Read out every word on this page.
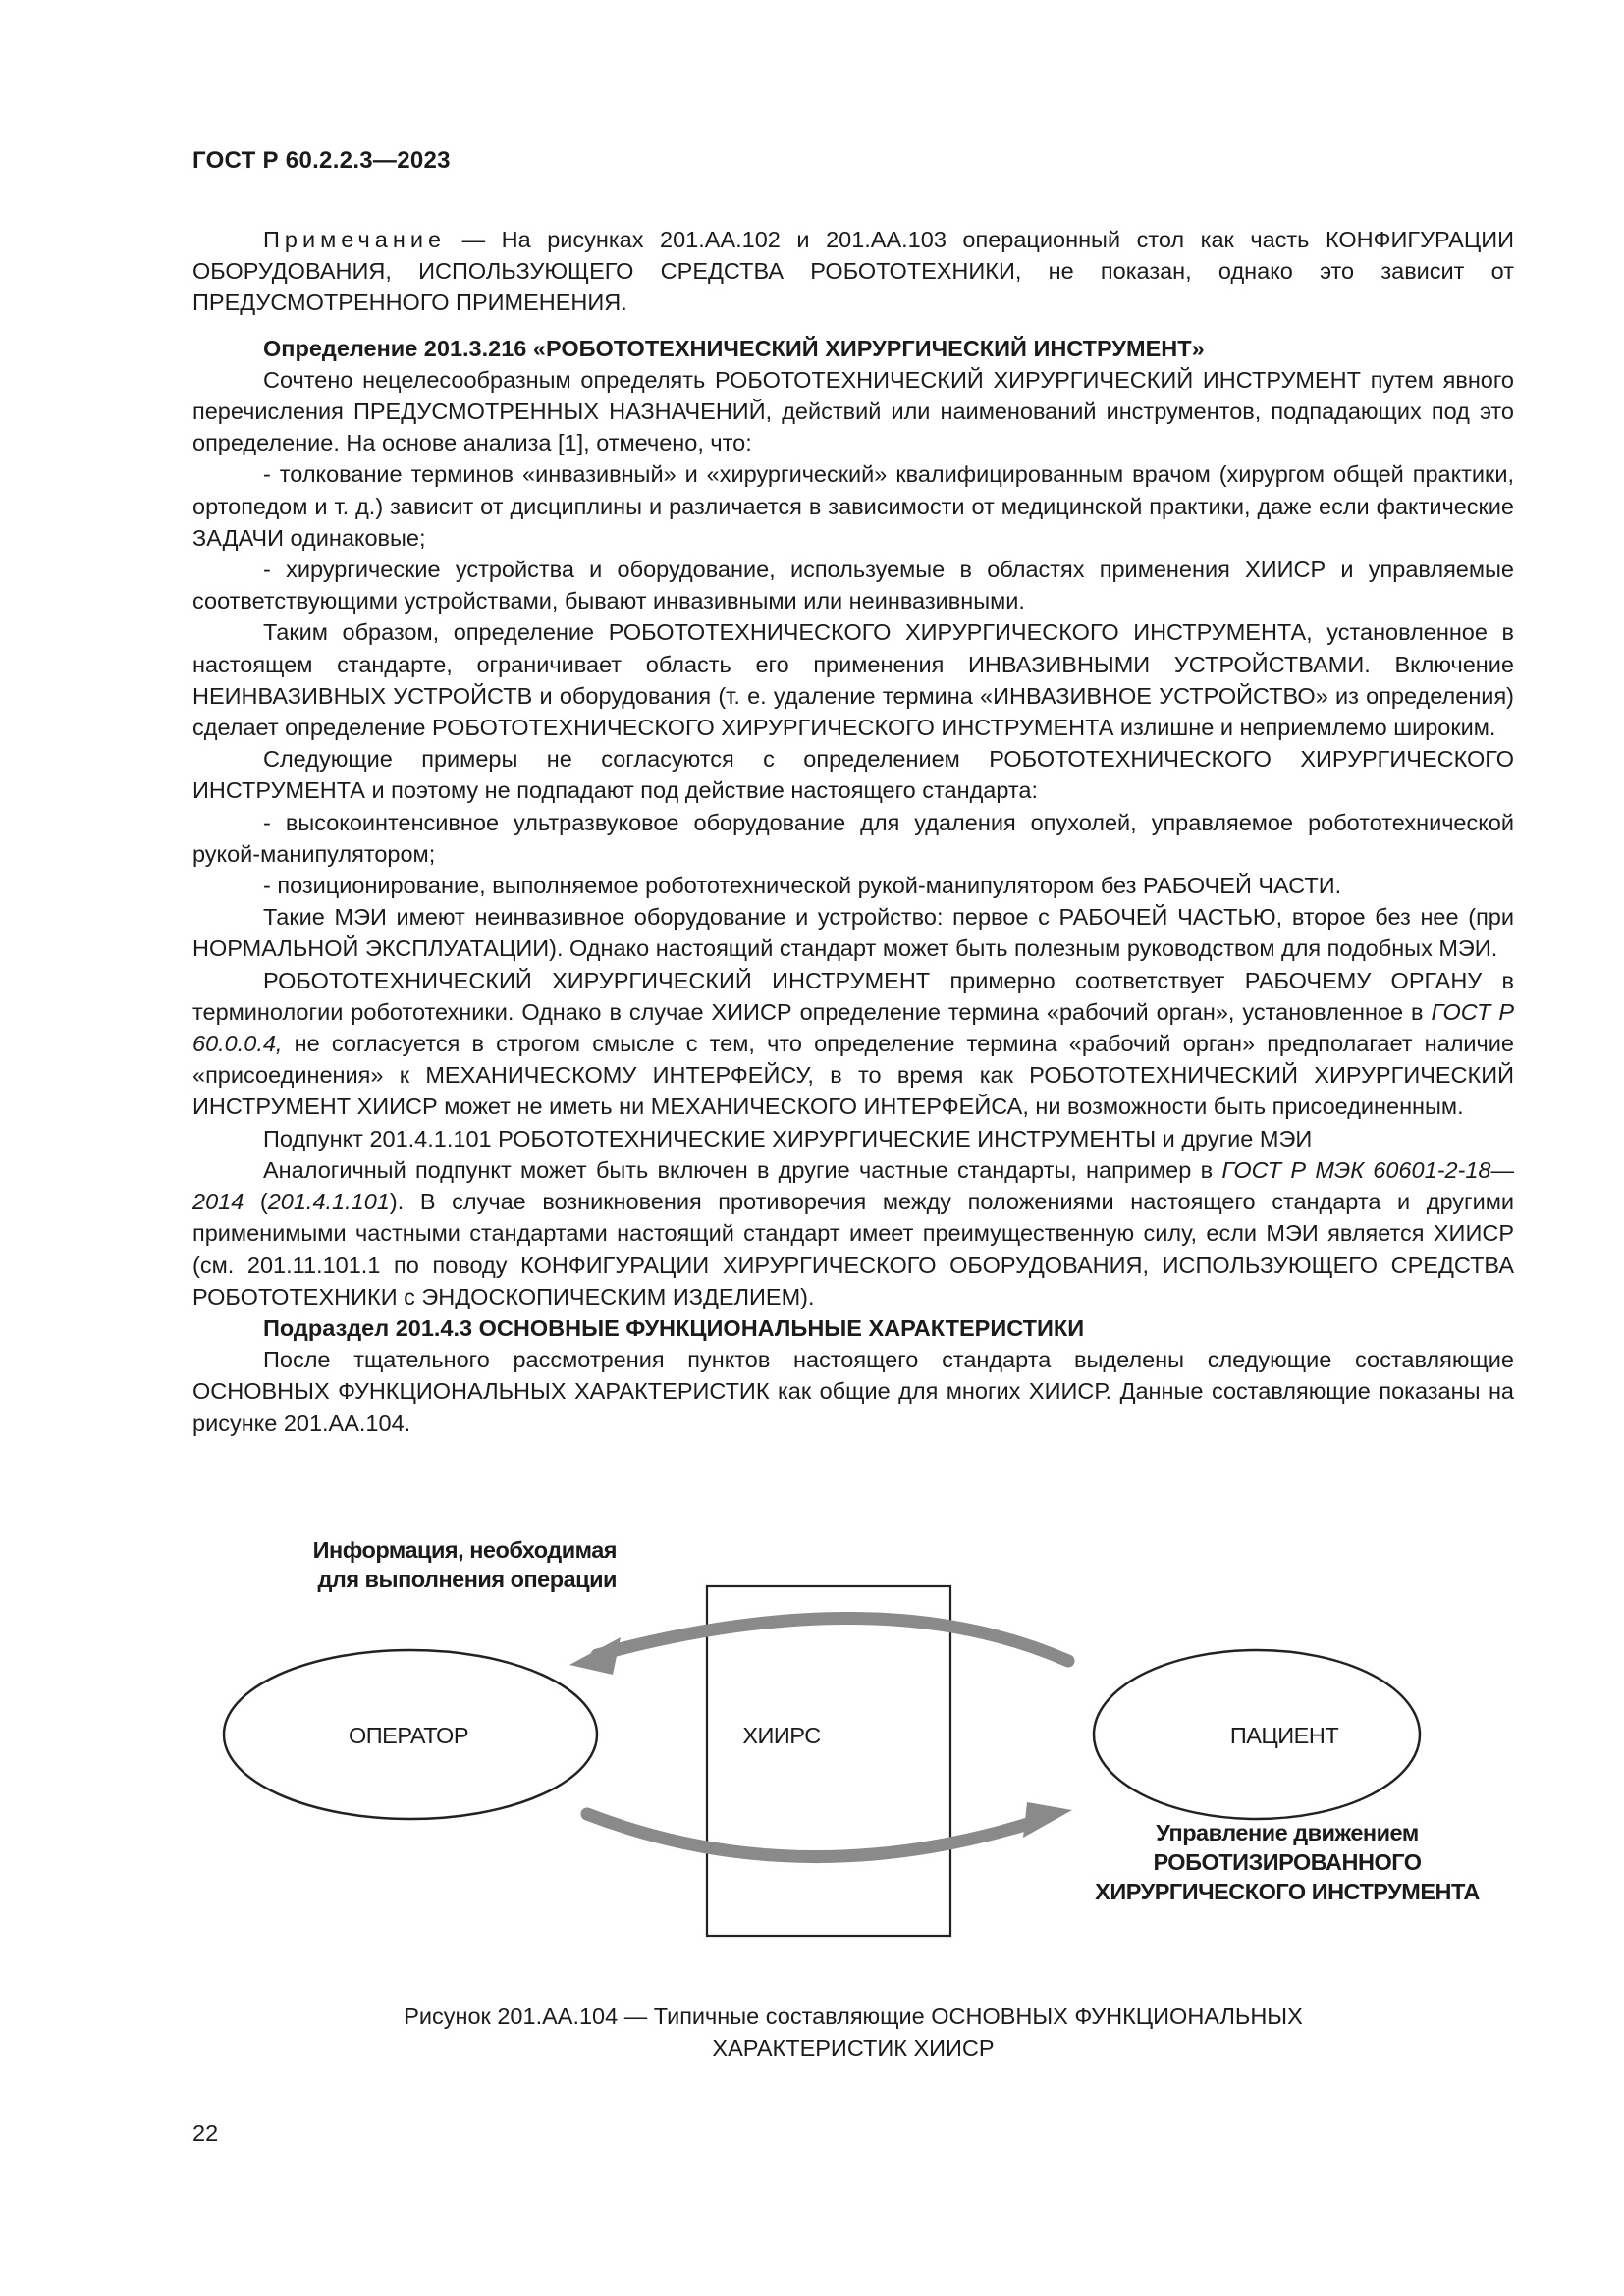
ГОСТ Р 60.2.2.3—2023

Примечание — На рисунках 201.АА.102 и 201.АА.103 операционный стол как часть КОНФИГУРАЦИИ ОБОРУДОВАНИЯ, ИСПОЛЬЗУЮЩЕГО СРЕДСТВА РОБОТОТЕХНИКИ, не показан, однако это зависит от ПРЕДУСМОТРЕННОГО ПРИМЕНЕНИЯ.

Определение 201.3.216 «РОБОТОТЕХНИЧЕСКИЙ ХИРУРГИЧЕСКИЙ ИНСТРУМЕНТ»

Сочтено нецелесообразным определять РОБОТОТЕХНИЧЕСКИЙ ХИРУРГИЧЕСКИЙ ИНСТРУМЕНТ путем явного перечисления ПРЕДУСМОТРЕННЫХ НАЗНАЧЕНИЙ, действий или наименований инструментов, подпадающих под это определение. На основе анализа [1], отмечено, что:

- толкование терминов «инвазивный» и «хирургический» квалифицированным врачом (хирургом общей практики, ортопедом и т. д.) зависит от дисциплины и различается в зависимости от медицинской практики, даже если фактические ЗАДАЧИ одинаковые;

- хирургические устройства и оборудование, используемые в областях применения ХИИСР и управляемые соответствующими устройствами, бывают инвазивными или неинвазивными.

Таким образом, определение РОБОТОТЕХНИЧЕСКОГО ХИРУРГИЧЕСКОГО ИНСТРУМЕНТА, установленное в настоящем стандарте, ограничивает область его применения ИНВАЗИВНЫМИ УСТРОЙСТВАМИ. Включение НЕИНВАЗИВНЫХ УСТРОЙСТВ и оборудования (т. е. удаление термина «ИНВАЗИВНОЕ УСТРОЙСТВО» из определения) сделает определение РОБОТОТЕХНИЧЕСКОГО ХИРУРГИЧЕСКОГО ИНСТРУМЕНТА излишне и неприемлемо широким.

Следующие примеры не согласуются с определением РОБОТОТЕХНИЧЕСКОГО ХИРУРГИЧЕСКОГО ИНСТРУМЕНТА и поэтому не подпадают под действие настоящего стандарта:

- высокоинтенсивное ультразвуковое оборудование для удаления опухолей, управляемое робототехнической рукой-манипулятором;

- позиционирование, выполняемое робототехнической рукой-манипулятором без РАБОЧЕЙ ЧАСТИ.

Такие МЭИ имеют неинвазивное оборудование и устройство: первое с РАБОЧЕЙ ЧАСТЬЮ, второе без нее (при НОРМАЛЬНОЙ ЭКСПЛУАТАЦИИ). Однако настоящий стандарт может быть полезным руководством для подобных МЭИ.

РОБОТОТЕХНИЧЕСКИЙ ХИРУРГИЧЕСКИЙ ИНСТРУМЕНТ примерно соответствует РАБОЧЕМУ ОРГАНУ в терминологии робототехники. Однако в случае ХИИСР определение термина «рабочий орган», установленное в ГОСТ Р 60.0.0.4, не согласуется в строгом смысле с тем, что определение термина «рабочий орган» предполагает наличие «присоединения» к МЕХАНИЧЕСКОМУ ИНТЕРФЕЙСУ, в то время как РОБОТОТЕХНИЧЕСКИЙ ХИРУРГИЧЕСКИЙ ИНСТРУМЕНТ ХИИСР может не иметь ни МЕХАНИЧЕСКОГО ИНТЕРФЕЙСА, ни возможности быть присоединенным.

Подпункт 201.4.1.101 РОБОТОТЕХНИЧЕСКИЕ ХИРУРГИЧЕСКИЕ ИНСТРУМЕНТЫ и другие МЭИ

Аналогичный подпункт может быть включен в другие частные стандарты, например в ГОСТ Р МЭК 60601-2-18—2014 (201.4.1.101). В случае возникновения противоречия между положениями настоящего стандарта и другими применимыми частными стандартами настоящий стандарт имеет преимущественную силу, если МЭИ является ХИИСР (см. 201.11.101.1 по поводу КОНФИГУРАЦИИ ХИРУРГИЧЕСКОГО ОБОРУДОВАНИЯ, ИСПОЛЬЗУЮЩЕГО СРЕДСТВА РОБОТОТЕХНИКИ с ЭНДОСКОПИЧЕСКИМ ИЗДЕЛИЕМ).

Подраздел 201.4.3 ОСНОВНЫЕ ФУНКЦИОНАЛЬНЫЕ ХАРАКТЕРИСТИКИ

После тщательного рассмотрения пунктов настоящего стандарта выделены следующие составляющие ОСНОВНЫХ ФУНКЦИОНАЛЬНЫХ ХАРАКТЕРИСТИК как общие для многих ХИИСР. Данные составляющие показаны на рисунке 201.АА.104.

Информация, необходимая для выполнения операции
ОПЕРАТОР	ХИИРС	ПАЦИЕНТ
Управление движением РОБОТИЗИРОВАННОГО ХИРУРГИЧЕСКОГО ИНСТРУМЕНТА
Рисунок 201.АА.104 — Типичные составляющие ОСНОВНЫХ ФУНКЦИОНАЛЬНЫХ
ХАРАКТЕРИСТИК ХИИСР
22
